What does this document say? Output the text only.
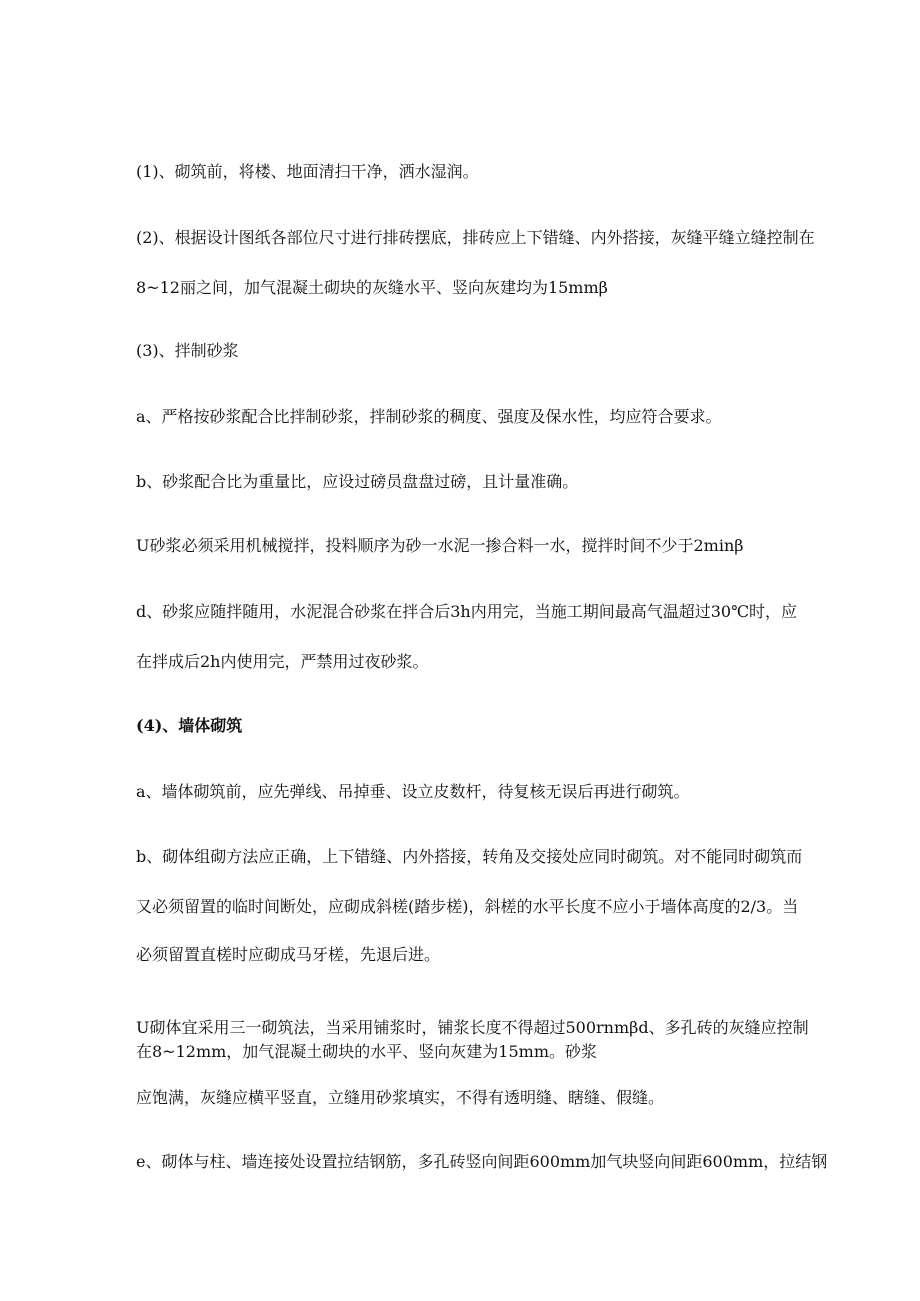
(1)、砌筑前，将楼、地面清扫干净，洒水湿润。

(2)、根据设计图纸各部位尺寸进行排砖摆底，排砖应上下错缝、内外搭接，灰缝平缝立缝控制在

8~12丽之间，加气混凝土砌块的灰缝水平、竖向灰建均为15mmβ

(3)、拌制砂浆

a、严格按砂浆配合比拌制砂浆，拌制砂浆的稠度、强度及保水性，均应符合要求。

b、砂浆配合比为重量比，应设过磅员盘盘过磅，且计量准确。

U砂浆必须采用机械搅拌，投料顺序为砂一水泥一掺合料一水，搅拌时间不少于2minβ

d、砂浆应随拌随用，水泥混合砂浆在拌合后3h内用完，当施工期间最高气温超过30℃时，应

在拌成后2h内使用完，严禁用过夜砂浆。

(4)、墙体砌筑

a、墙体砌筑前，应先弹线、吊掉垂、设立皮数杆，待复核无误后再进行砌筑。

b、砌体组砌方法应正确，上下错缝、内外搭接，转角及交接处应同时砌筑。对不能同时砌筑而

又必须留置的临时间断处，应砌成斜槎(踏步槎)，斜槎的水平长度不应小于墙体高度的2/3。当

必须留置直槎时应砌成马牙槎，先退后进。

U砌体宜采用三一砌筑法，当采用铺浆时，铺浆长度不得超过500rnmβd、多孔砖的灰缝应控制

在8~12mm，加气混凝土砌块的水平、竖向灰建为15mm。砂浆

应饱满，灰缝应横平竖直，立缝用砂浆填实，不得有透明缝、瞎缝、假缝。

e、砌体与柱、墙连接处设置拉结钢筋，多孔砖竖向间距600mm加气块竖向间距600mm，拉结钢
